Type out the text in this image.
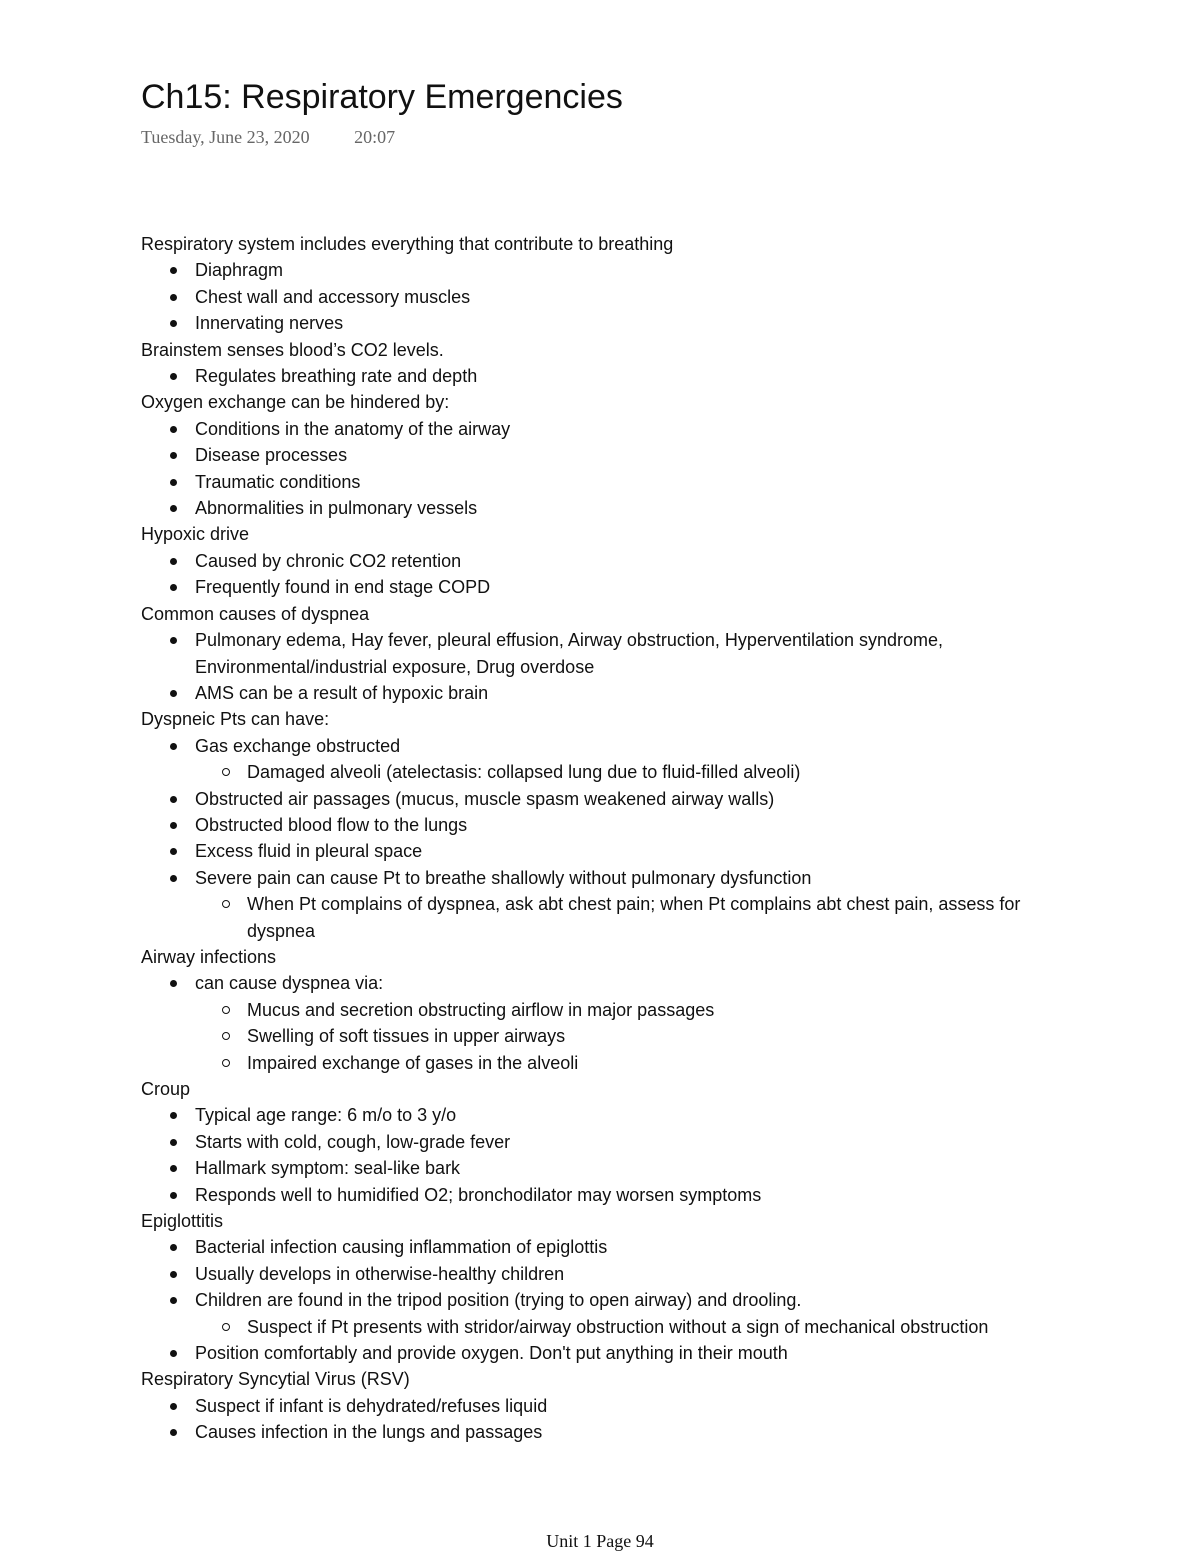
Ch15: Respiratory Emergencies
Tuesday, June 23, 2020 20:07
Respiratory system includes everything that contribute to breathing
Diaphragm
Chest wall and accessory muscles
Innervating nerves
Brainstem senses blood’s CO2 levels.
Regulates breathing rate and depth
Oxygen exchange can be hindered by:
Conditions in the anatomy of the airway
Disease processes
Traumatic conditions
Abnormalities in pulmonary vessels
Hypoxic drive
Caused by chronic CO2 retention
Frequently found in end stage COPD
Common causes of dyspnea
Pulmonary edema, Hay fever, pleural effusion, Airway obstruction, Hyperventilation syndrome, Environmental/industrial exposure, Drug overdose
AMS can be a result of hypoxic brain
Dyspneic Pts can have:
Gas exchange obstructed
Damaged alveoli (atelectasis: collapsed lung due to fluid-filled alveoli)
Obstructed air passages (mucus, muscle spasm weakened airway walls)
Obstructed blood flow to the lungs
Excess fluid in pleural space
Severe pain can cause Pt to breathe shallowly without pulmonary dysfunction
When Pt complains of dyspnea, ask abt chest pain; when Pt complains abt chest pain, assess for dyspnea
Airway infections
can cause dyspnea via:
Mucus and secretion obstructing airflow in major passages
Swelling of soft tissues in upper airways
Impaired exchange of gases in the alveoli
Croup
Typical age range: 6 m/o to 3 y/o
Starts with cold, cough, low-grade fever
Hallmark symptom: seal-like bark
Responds well to humidified O2; bronchodilator may worsen symptoms
Epiglottitis
Bacterial infection causing inflammation of epiglottis
Usually develops in otherwise-healthy children
Children are found in the tripod position (trying to open airway) and drooling.
Suspect if Pt presents with stridor/airway obstruction without a sign of mechanical obstruction
Position comfortably and provide oxygen. Don't put anything in their mouth
Respiratory Syncytial Virus (RSV)
Suspect if infant is dehydrated/refuses liquid
Causes infection in the lungs and passages
Unit 1 Page 94
